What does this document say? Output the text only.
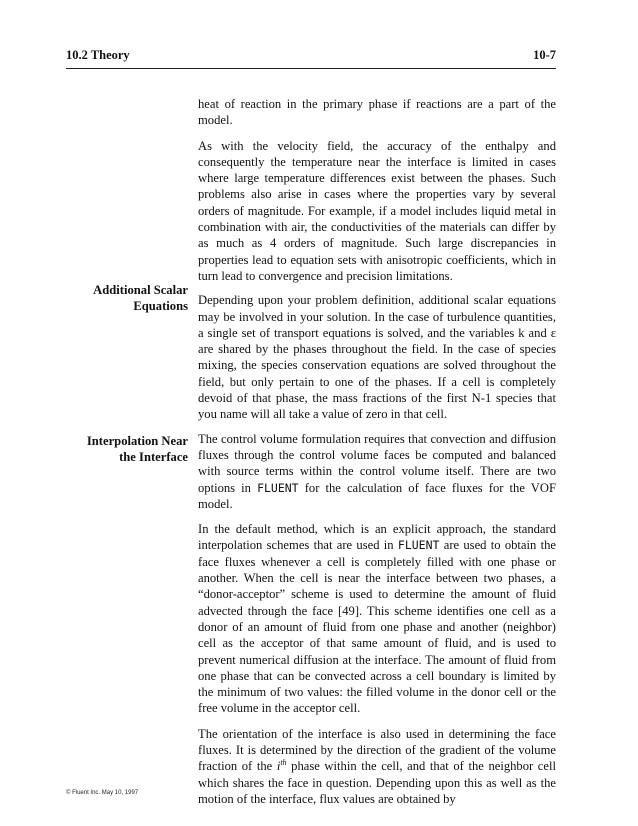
10.2 Theory	10-7
Additional Scalar
Equations
Interpolation Near
the Interface

heat of reaction in the primary phase if reactions are a part of the model.

As with the velocity field, the accuracy of the enthalpy and consequently the temperature near the interface is limited in cases where large temperature differences exist between the phases. Such problems also arise in cases where the properties vary by several orders of magnitude. For example, if a model includes liquid metal in combination with air, the conductivities of the materials can differ by as much as 4 orders of magnitude. Such large discrepancies in properties lead to equation sets with anisotropic coefficients, which in turn lead to convergence and precision limitations.

Depending upon your problem definition, additional scalar equations may be involved in your solution. In the case of turbulence quantities, a single set of transport equations is solved, and the variables k and ε are shared by the phases throughout the field. In the case of species mixing, the species conservation equations are solved throughout the field, but only pertain to one of the phases. If a cell is completely devoid of that phase, the mass fractions of the first N-1 species that you name will all take a value of zero in that cell.

The control volume formulation requires that convection and diffusion fluxes through the control volume faces be computed and balanced with source terms within the control volume itself. There are two options in FLUENT for the calculation of face fluxes for the VOF model.

In the default method, which is an explicit approach, the standard interpolation schemes that are used in FLUENT are used to obtain the face fluxes whenever a cell is completely filled with one phase or another. When the cell is near the interface between two phases, a “donor-acceptor” scheme is used to determine the amount of fluid advected through the face [49]. This scheme identifies one cell as a donor of an amount of fluid from one phase and another (neighbor) cell as the acceptor of that same amount of fluid, and is used to prevent numerical diffusion at the interface. The amount of fluid from one phase that can be convected across a cell boundary is limited by the minimum of two values: the filled volume in the donor cell or the free volume in the acceptor cell.

The orientation of the interface is also used in determining the face fluxes. It is determined by the direction of the gradient of the volume fraction of the $i^{th}$ phase within the cell, and that of the neighbor cell which shares the face in question. Depending upon this as well as the motion of the interface, flux values are obtained by

© Fluent Inc. May 10, 1997
